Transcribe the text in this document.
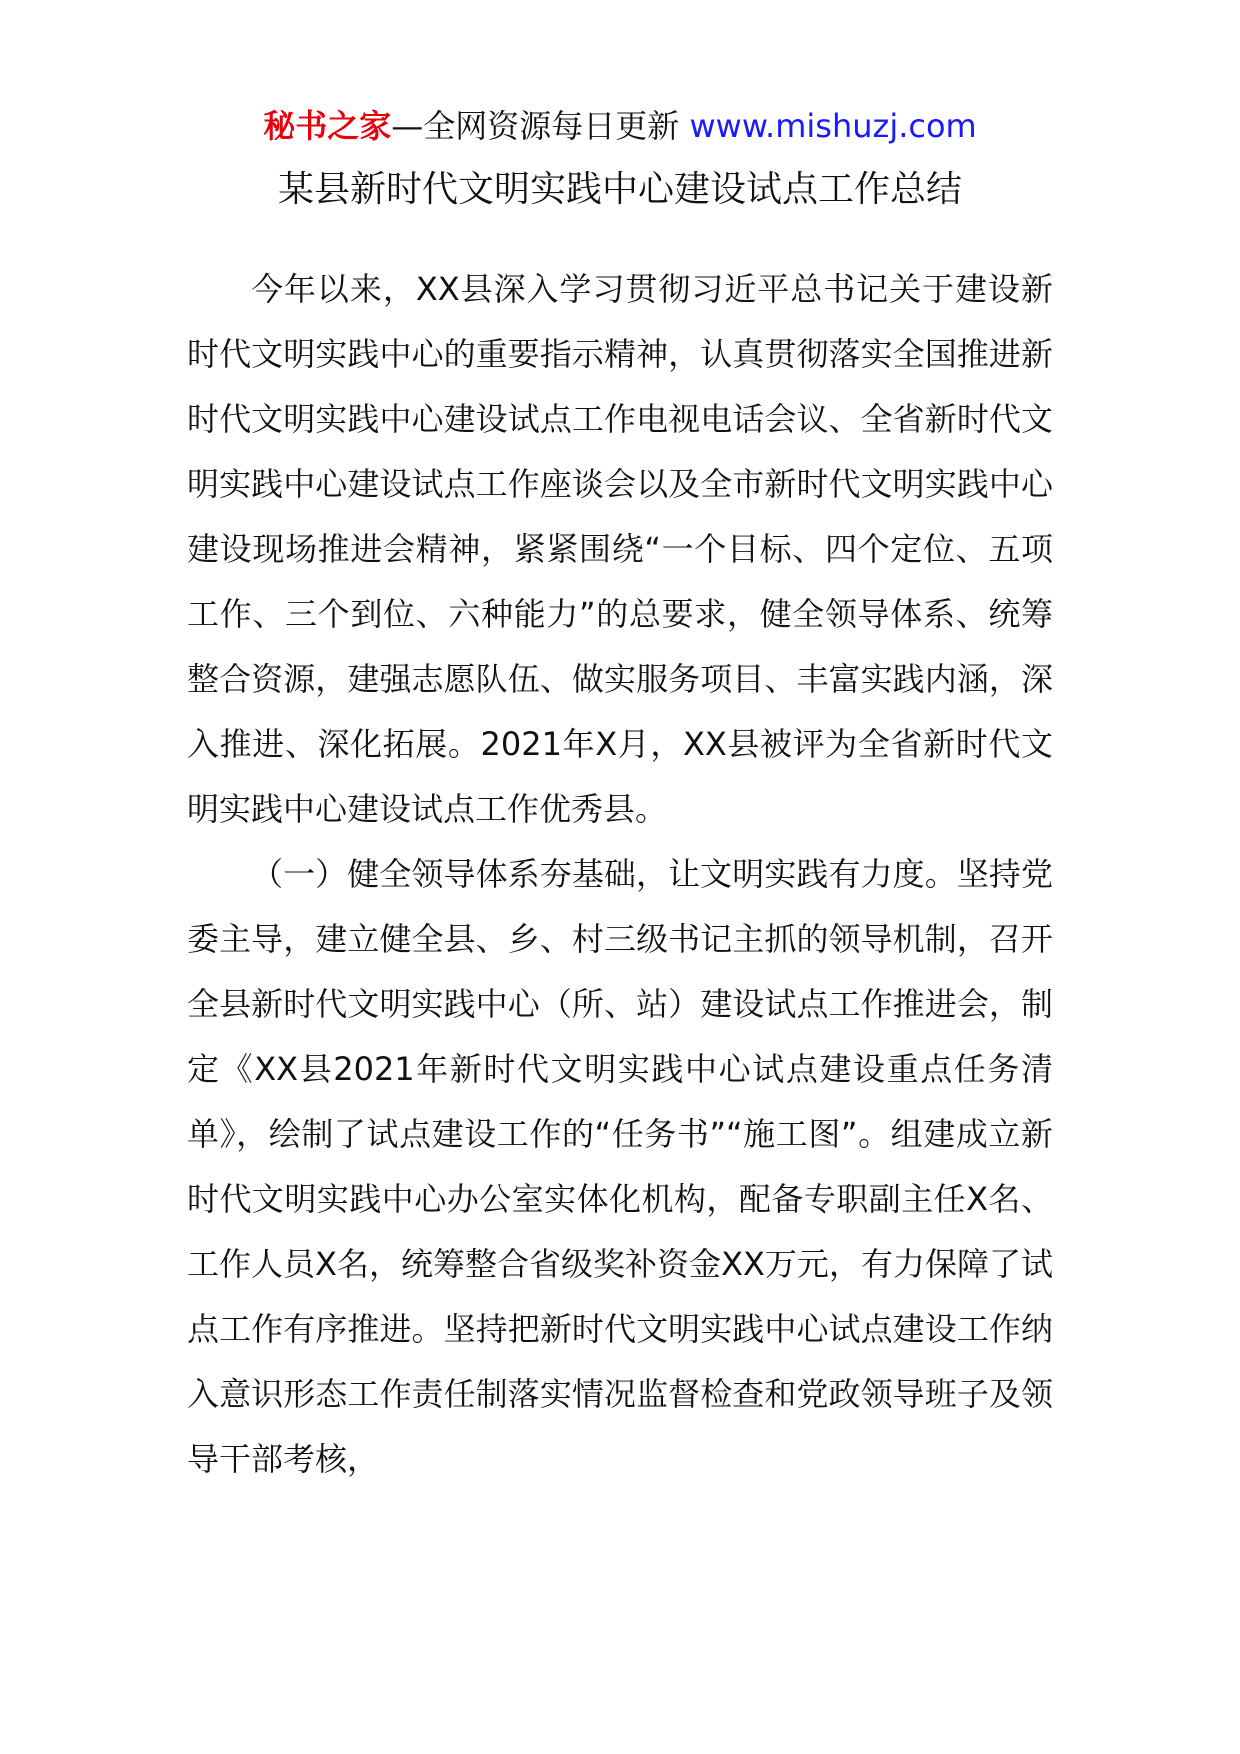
秘书之家—全网资源每日更新 www.mishuzj.com
某县新时代文明实践中心建设试点工作总结

今年以来，XX县深入学习贯彻习近平总书记关于建设新时代文明实践中心的重要指示精神，认真贯彻落实全国推进新时代文明实践中心建设试点工作电视电话会议、全省新时代文明实践中心建设试点工作座谈会以及全市新时代文明实践中心建设现场推进会精神，紧紧围绕“一个目标、四个定位、五项工作、三个到位、六种能力”的总要求，健全领导体系、统筹整合资源，建强志愿队伍、做实服务项目、丰富实践内涵，深入推进、深化拓展。2021年X月，XX县被评为全省新时代文明实践中心建设试点工作优秀县。

（一）健全领导体系夯基础，让文明实践有力度。坚持党委主导，建立健全县、乡、村三级书记主抓的领导机制，召开全县新时代文明实践中心（所、站）建设试点工作推进会，制定《XX县2021年新时代文明实践中心试点建设重点任务清单》，绘制了试点建设工作的“任务书”“施工图”。组建成立新时代文明实践中心办公室实体化机构，配备专职副主任X名、工作人员X名，统筹整合省级奖补资金XX万元，有力保障了试点工作有序推进。坚持把新时代文明实践中心试点建设工作纳入意识形态工作责任制落实情况监督检查和党政领导班子及领导干部考核，
